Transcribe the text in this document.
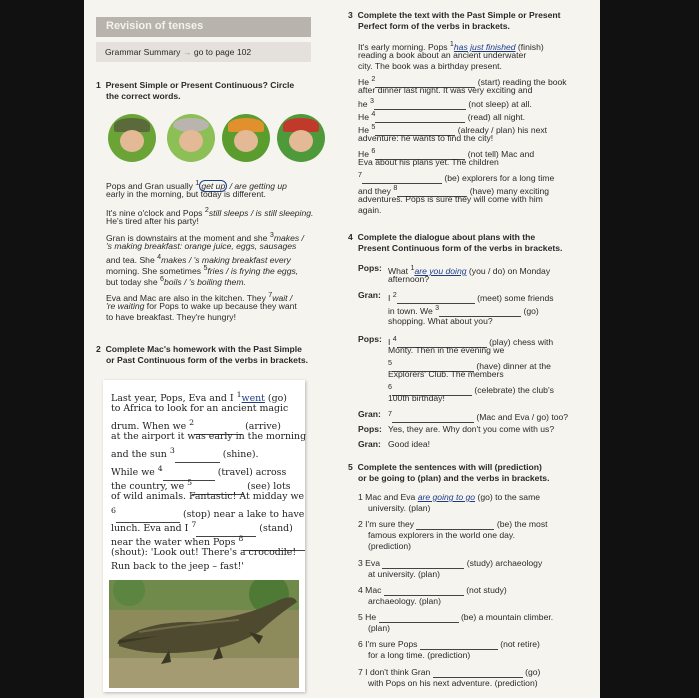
Revision of tenses
Grammar Summary → go to page 102
1 Present Simple or Present Continuous? Circle
the correct words.
Pops and Gran usually $^1$ get up / are getting up
early in the morning, but today is different.
It's nine o'clock and Pops $^2$still sleeps / is still sleeping.
He's tired after his party!
Gran is downstairs at the moment and she $^3$makes /
's making breakfast: orange juice, eggs, sausages
and tea. She $^4$makes / 's making breakfast every
morning. She sometimes $^5$fries / is frying the eggs,
but today she $^6$boils / 's boiling them.
Eva and Mac are also in the kitchen. They $^7$wait /
're waiting for Pops to wake up because they want
to have breakfast. They're hungry!
2 Complete Mac's homework with the Past Simple
or Past Continuous form of the verbs in brackets.
Last year, Pops, Eva and I $^1$went (go)
to Africa to look for an ancient magic
drum. When we $^2$	(arrive)
at the airport it was early in the morning
and the sun $^3$	(shine).
While we $^4$	(travel) across
the country, we $^5$	(see) lots
of wild animals. Fantastic! At midday we
$^6$	(stop) near a lake to have
lunch. Eva and I $^7$	(stand)
near the water when Pops $^8$
(shout): 'Look out! There's a crocodile!
Run back to the jeep – fast!'
3 Complete the text with the Past Simple or Present
Perfect form of the verbs in brackets.
It's early morning. Pops $^1$has just finished (finish)
reading a book about an ancient underwater
city. The book was a birthday present.
He $^2$	(start) reading the book
after dinner last night. It was very exciting and
he $^3$	(not sleep) at all.
He $^4$	(read) all night.
He $^5$	(already / plan) his next
adventure: he wants to find the city!
He $^6$	(not tell) Mac and
Eva about his plans yet. The children
$^7$	(be) explorers for a long time
and they $^8$	(have) many exciting
adventures. Pops is sure they will come with him
again.
4 Complete the dialogue about plans with the
Present Continuous form of the verbs in brackets.
Pops: What $^1$are you doing (you / do) on Monday
afternoon?
Gran: I $^2$	(meet) some friends
in town. We $^3$	(go)
shopping. What about you?
Pops: I $^4$	(play) chess with
Monty. Then in the evening we
$^5$	(have) dinner at the
Explorers' Club. The members
$^6$	(celebrate) the club's
100th birthday!
Gran: $^7$	(Mac and Eva / go) too?
Pops: Yes, they are. Why don't you come with us?
Gran: Good idea!
5 Complete the sentences with will (prediction)
or be going to (plan) and the verbs in brackets.
1 Mac and Eva are going to go (go) to the same
university. (plan)
2 I'm sure they	(be) the most
famous explorers in the world one day.
(prediction)
3 Eva	(study) archaeology
at university. (plan)
4 Mac	(not study)
archaeology. (plan)
5 He	(be) a mountain climber.
(plan)
6 I'm sure Pops	(not retire)
for a long time. (prediction)
7 I don't think Gran	(go)
with Pops on his next adventure. (prediction)
